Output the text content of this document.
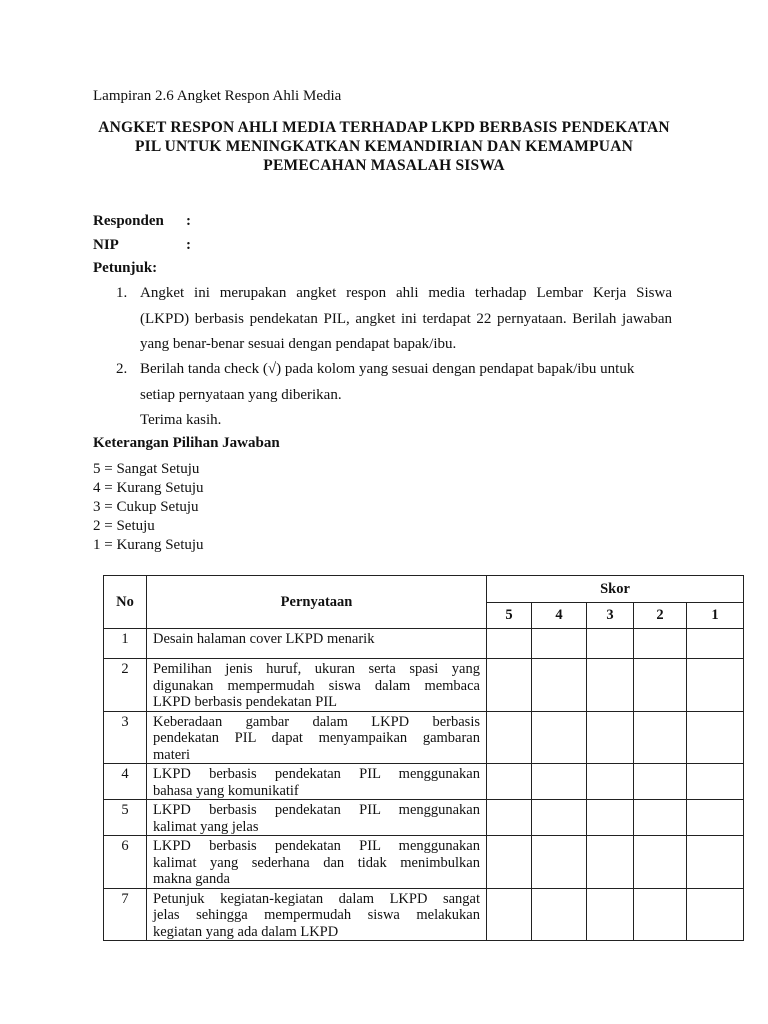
Lampiran 2.6 Angket Respon Ahli Media
ANGKET RESPON AHLI MEDIA TERHADAP LKPD BERBASIS PENDEKATAN
PIL UNTUK MENINGKATKAN KEMANDIRIAN DAN KEMAMPUAN
PEMECAHAN MASALAH SISWA
Responden :
NIP	:
Petunjuk:
1. Angket ini merupakan angket respon ahli media terhadap Lembar Kerja Siswa
(LKPD) berbasis pendekatan PIL, angket ini terdapat 22 pernyataan. Berilah jawaban
yang benar-benar sesuai dengan pendapat bapak/ibu.
2. Berilah tanda check (√) pada kolom yang sesuai dengan pendapat bapak/ibu untuk
setiap pernyataan yang diberikan.
Terima kasih.
Keterangan Pilihan Jawaban
5 = Sangat Setuju
4 = Kurang Setuju
3 = Cukup Setuju
2 = Setuju
1 = Kurang Setuju
No	Pernyataan	Skor				
		5	4	3	2	1
1	Desain halaman cover LKPD menarik					

2	Pemilihan jenis huruf, ukuran serta spasi yang
digunakan mempermudah siswa dalam membaca
LKPD berbasis pendekatan PIL					

3	Keberadaan gambar dalam LKPD berbasis
pendekatan PIL dapat menyampaikan gambaran
materi					

4	LKPD berbasis pendekatan PIL menggunakan
bahasa yang komunikatif					

5	LKPD berbasis pendekatan PIL menggunakan
kalimat yang jelas					

6	LKPD berbasis pendekatan PIL menggunakan
kalimat yang sederhana dan tidak menimbulkan
makna ganda					

7	Petunjuk kegiatan-kegiatan dalam LKPD sangat
jelas sehingga mempermudah siswa melakukan
kegiatan yang ada dalam LKPD					
